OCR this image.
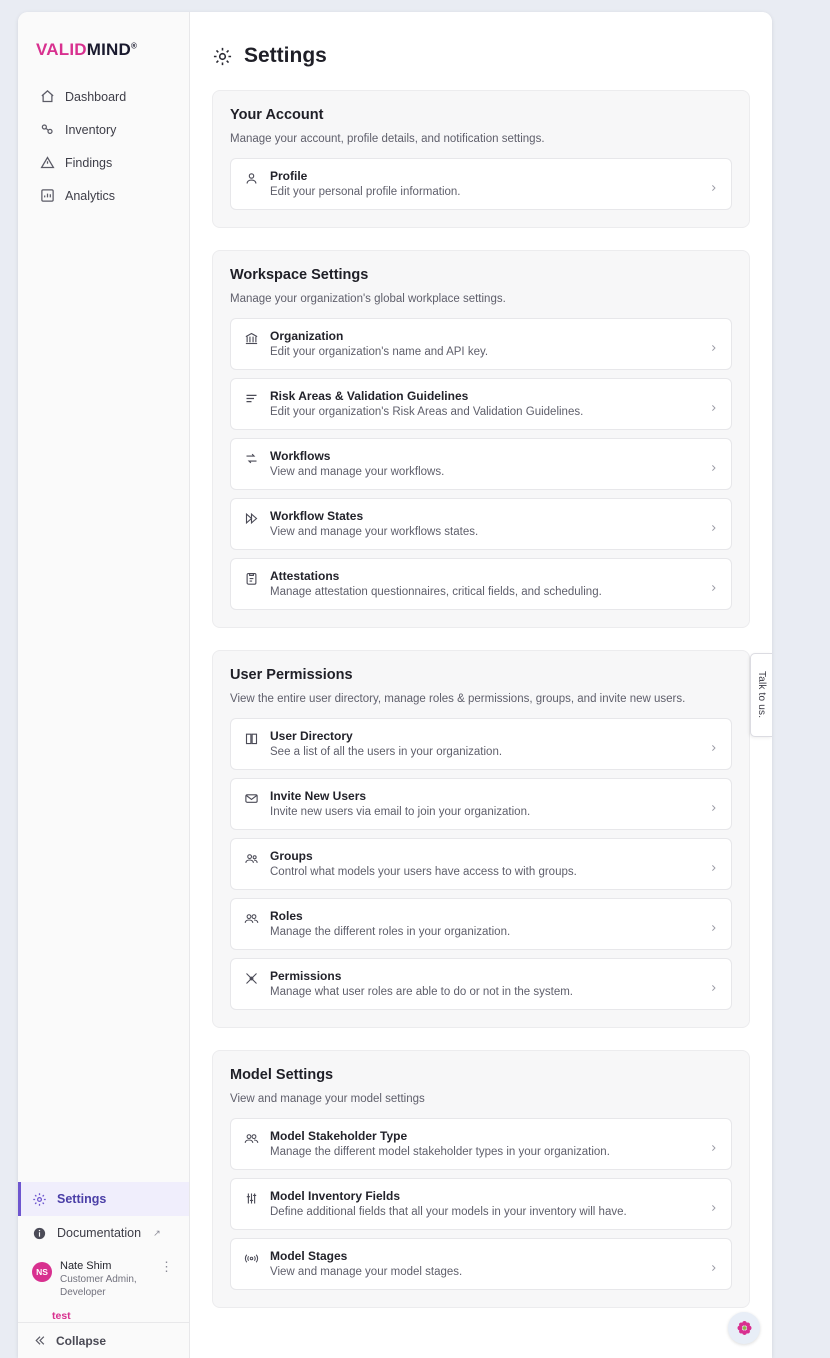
VALIDMIND®
Dashboard
Inventory
Findings
Analytics
Settings
Documentation ↗
NS	Nate Shim
Customer Admin, Developer
⋮
test
Collapse
Settings
Your Account
Manage your account, profile details, and notification settings.
Profile
Edit your personal profile information.
Workspace Settings
Manage your organization's global workplace settings.
Organization
Edit your organization's name and API key.
Risk Areas & Validation Guidelines
Edit your organization's Risk Areas and Validation Guidelines.
Workflows
View and manage your workflows.
Workflow States
View and manage your workflows states.
Attestations
Manage attestation questionnaires, critical fields, and scheduling.
User Permissions
View the entire user directory, manage roles & permissions, groups, and invite new users.
User Directory
See a list of all the users in your organization.
Invite New Users
Invite new users via email to join your organization.
Groups
Control what models your users have access to with groups.
Roles
Manage the different roles in your organization.
Permissions
Manage what user roles are able to do or not in the system.
Model Settings
View and manage your model settings
Model Stakeholder Type
Manage the different model stakeholder types in your organization.
Model Inventory Fields
Define additional fields that all your models in your inventory will have.
Model Stages
View and manage your model stages.
Talk to us.
